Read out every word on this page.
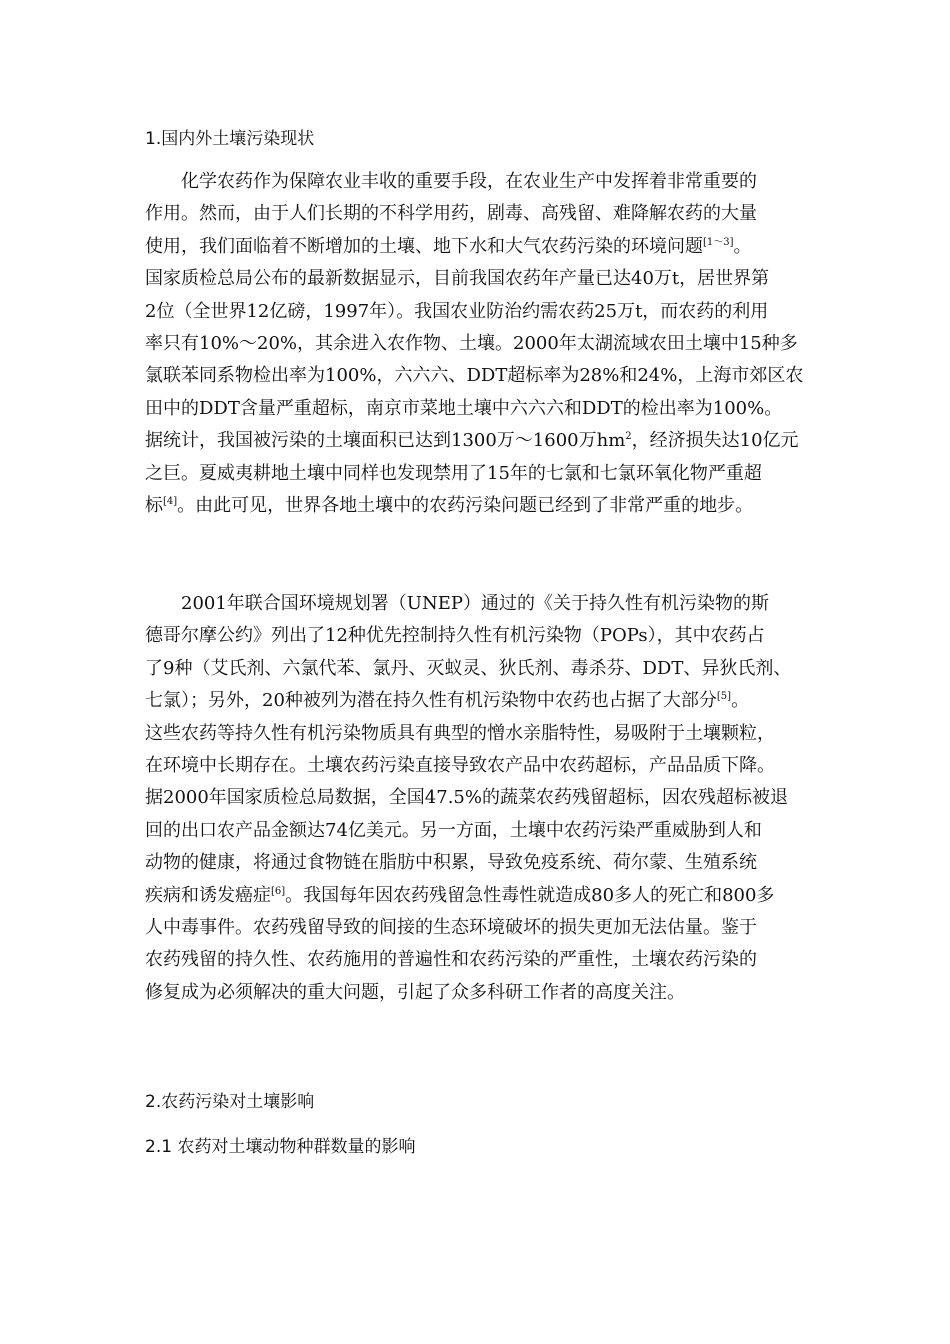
1.国内外土壤污染现状
化学农药作为保障农业丰收的重要手段，在农业生产中发挥着非常重要的
作用。然而，由于人们长期的不科学用药，剧毒、高残留、难降解农药的大量
使用，我们面临着不断增加的土壤、地下水和大气农药污染的环境问题[1～3]。
国家质检总局公布的最新数据显示，目前我国农药年产量已达40万t，居世界第
2位（全世界12亿磅，1997年）。我国农业防治约需农药25万t，而农药的利用
率只有10%～20%，其余进入农作物、土壤。2000年太湖流域农田土壤中15种多
氯联苯同系物检出率为100%，六六六、DDT超标率为28%和24%，上海市郊区农
田中的DDT含量严重超标，南京市菜地土壤中六六六和DDT的检出率为100%。
据统计，我国被污染的土壤面积已达到1300万～1600万$hm^2$，经济损失达10亿元
之巨。夏威夷耕地土壤中同样也发现禁用了15年的七氯和七氯环氧化物严重超
标[4]。由此可见，世界各地土壤中的农药污染问题已经到了非常严重的地步。
2001年联合国环境规划署（UNEP）通过的《关于持久性有机污染物的斯
德哥尔摩公约》列出了12种优先控制持久性有机污染物（POPs），其中农药占
了9种（艾氏剂、六氯代苯、氯丹、灭蚁灵、狄氏剂、毒杀芬、DDT、异狄氏剂、
七氯）；另外，20种被列为潜在持久性有机污染物中农药也占据了大部分[5]。
这些农药等持久性有机污染物质具有典型的憎水亲脂特性，易吸附于土壤颗粒，
在环境中长期存在。土壤农药污染直接导致农产品中农药超标，产品品质下降。
据2000年国家质检总局数据，全国47.5%的蔬菜农药残留超标，因农残超标被退
回的出口农产品金额达74亿美元。另一方面，土壤中农药污染严重威胁到人和
动物的健康，将通过食物链在脂肪中积累，导致免疫系统、荷尔蒙、生殖系统
疾病和诱发癌症[6]。我国每年因农药残留急性毒性就造成80多人的死亡和800多
人中毒事件。农药残留导致的间接的生态环境破坏的损失更加无法估量。鉴于
农药残留的持久性、农药施用的普遍性和农药污染的严重性，土壤农药污染的
修复成为必须解决的重大问题，引起了众多科研工作者的高度关注。
2.农药污染对土壤影响
2.1 农药对土壤动物种群数量的影响
